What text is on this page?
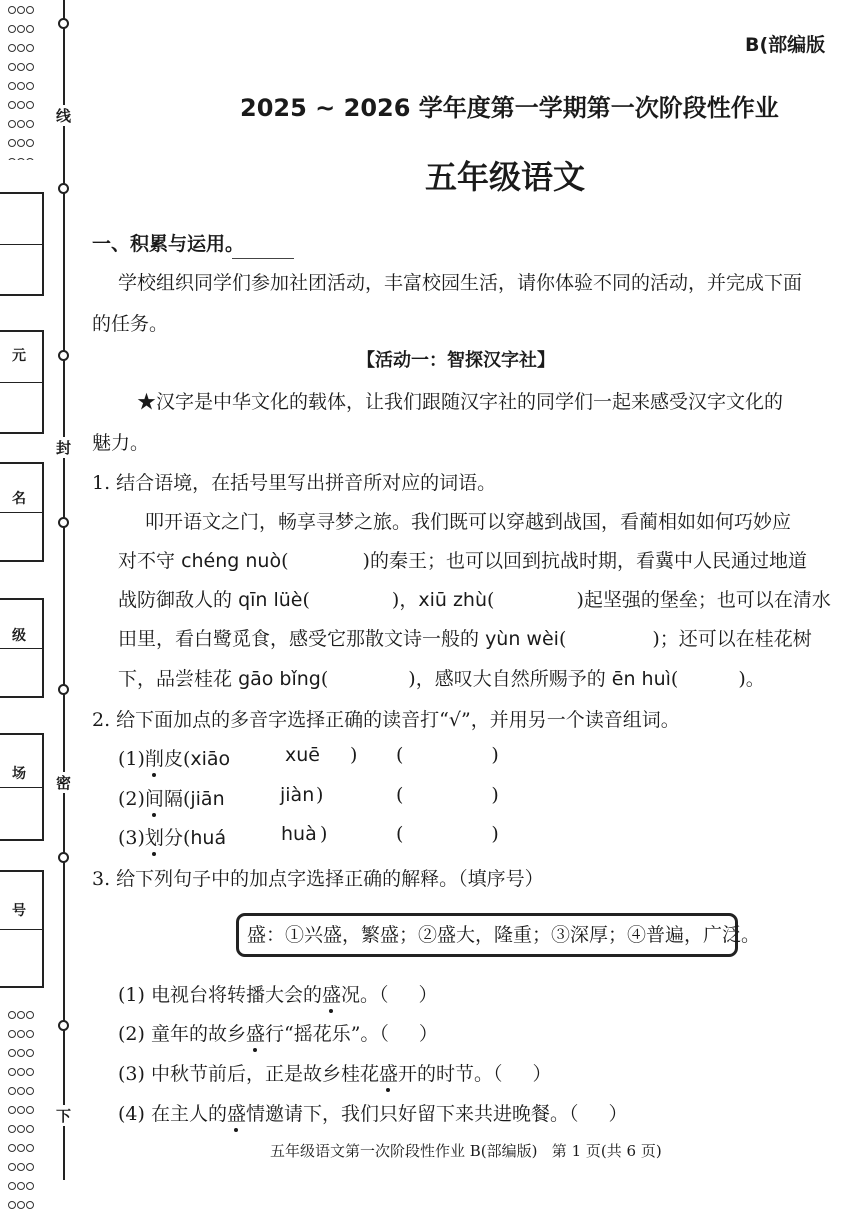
线
封
密
下
元
名
级
场
号
B(部编版
2025 ~ 2026 学年度第一学期第一次阶段性作业
五年级语文
一、积累与运用。
学校组织同学们参加社团活动，丰富校园生活，请你体验不同的活动，并完成下面
的任务。
【活动一：智探汉字社】
★汉字是中华文化的载体，让我们跟随汉字社的同学们一起来感受汉字文化的
魅力。
1. 结合语境，在括号里写出拼音所对应的词语。
叩开语文之门，畅享寻梦之旅。我们既可以穿越到战国，看蔺相如如何巧妙应
对不守 chéng nuò(	)的秦王；也可以回到抗战时期，看冀中人民通过地道
战防御敌人的 qīn lüè(	)，xiū zhù(	)起坚强的堡垒；也可以在清水
田里，看白鹭觅食，感受它那散文诗一般的 yùn wèi(	)；还可以在桂花树
下，品尝桂花 gāo bǐng(	)，感叹大自然所赐予的 ēn huì(	)。
2. 给下面加点的多音字选择正确的读音打“√”，并用另一个读音组词。
(1)削皮(xiāo	xuē ) (	)
(2)间隔(jiān	jiàn )	(	)
(3)划分(huá	huà )	(	)
3. 给下列句子中的加点字选择正确的解释。（填序号）
盛：①兴盛，繁盛；②盛大，隆重；③深厚；④普遍，广泛。
(1) 电视台将转播大会的盛况。（ ）
(2) 童年的故乡盛行“摇花乐”。（ ）
(3) 中秋节前后，正是故乡桂花盛开的时节。（ ）
(4) 在主人的盛情邀请下，我们只好留下来共进晚餐。（ ）
五年级语文第一次阶段性作业 B(部编版)   第 1 页(共 6 页)
